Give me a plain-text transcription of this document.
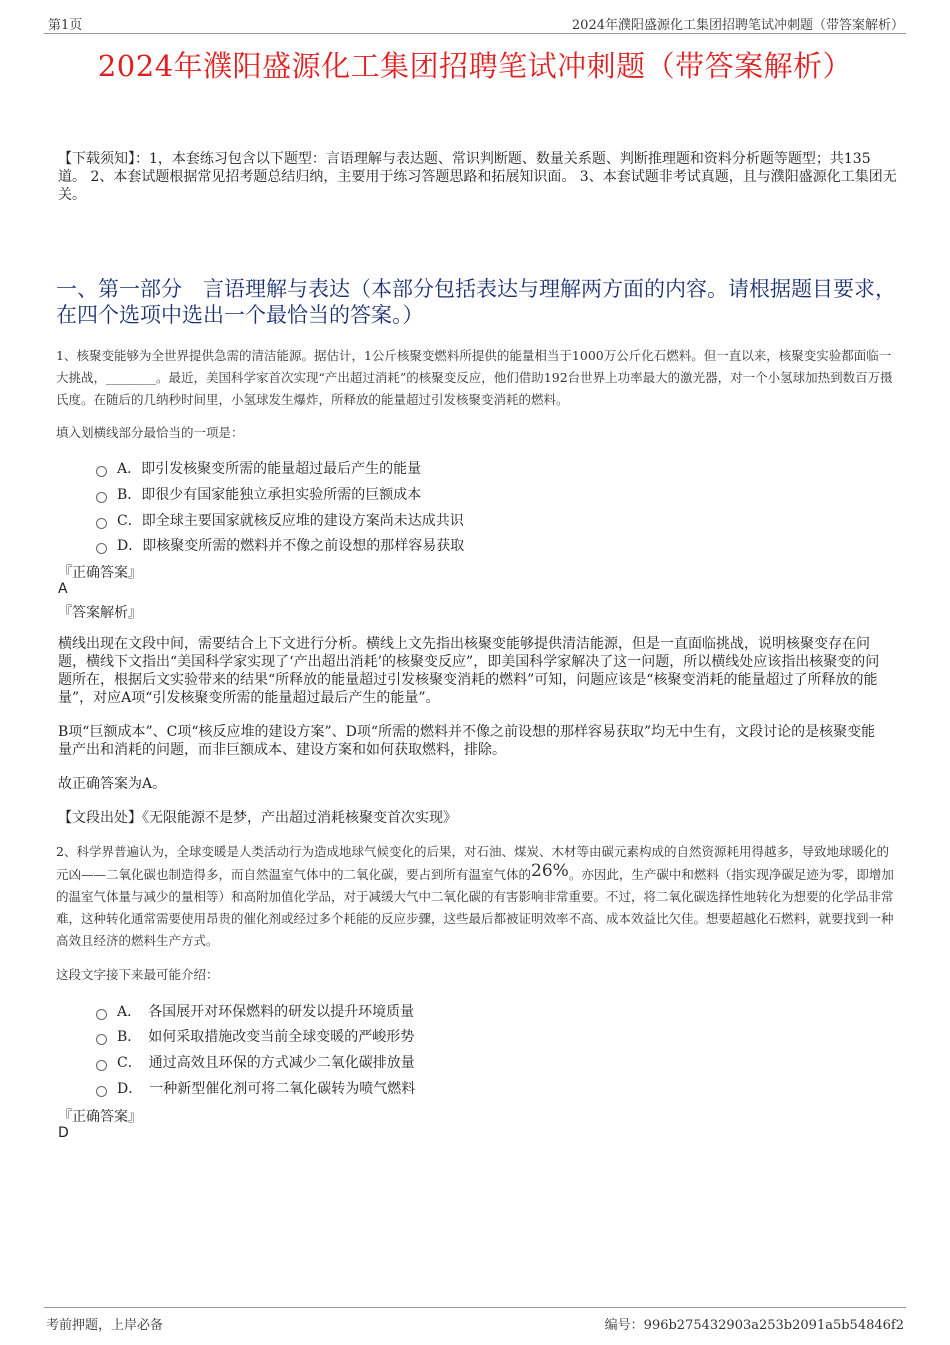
第1页	2024年濮阳盛源化工集团招聘笔试冲刺题（带答案解析）
2024年濮阳盛源化工集团招聘笔试冲刺题（带答案解析）
【下载须知】：1，本套练习包含以下题型：言语理解与表达题、常识判断题、数量关系题、判断推理题和资料分析题等题型；共135道。 2、本套试题根据常见招考题总结归纳，主要用于练习答题思路和拓展知识面。 3、本套试题非考试真题，且与濮阳盛源化工集团无关。
一、第一部分　言语理解与表达（本部分包括表达与理解两方面的内容。请根据题目要求，在四个选项中选出一个最恰当的答案。）
1、核聚变能够为全世界提供急需的清洁能源。据估计，1公斤核聚变燃料所提供的能量相当于1000万公斤化石燃料。但一直以来，核聚变实验都面临一大挑战，________。最近，美国科学家首次实现“产出超过消耗”的核聚变反应，他们借助192台世界上功率最大的激光器，对一个小氢球加热到数百万摄氏度。在随后的几纳秒时间里，小氢球发生爆炸，所释放的能量超过引发核聚变消耗的燃料。
填入划横线部分最恰当的一项是：
A．即引发核聚变所需的能量超过最后产生的能量
B．即很少有国家能独立承担实验所需的巨额成本
C．即全球主要国家就核反应堆的建设方案尚未达成共识
D．即核聚变所需的燃料并不像之前设想的那样容易获取
『正确答案』
A
『答案解析』
横线出现在文段中间，需要结合上下文进行分析。横线上文先指出核聚变能够提供清洁能源，但是一直面临挑战，说明核聚变存在问题，横线下文指出“美国科学家实现了‘产出超出消耗’的核聚变反应”，即美国科学家解决了这一问题，所以横线处应该指出核聚变的问题所在，根据后文实验带来的结果“所释放的能量超过引发核聚变消耗的燃料”可知，问题应该是“核聚变消耗的能量超过了所释放的能量”，对应A项“引发核聚变所需的能量超过最后产生的能量”。
B项“巨额成本”、C项“核反应堆的建设方案”、D项“所需的燃料并不像之前设想的那样容易获取”均无中生有，文段讨论的是核聚变能量产出和消耗的问题，而非巨额成本、建设方案和如何获取燃料，排除。
故正确答案为A。
【文段出处】《无限能源不是梦，产出超过消耗核聚变首次实现》
2、科学界普遍认为，全球变暖是人类活动行为造成地球气候变化的后果，对石油、煤炭、木材等由碳元素构成的自然资源耗用得越多，导致地球暖化的元凶——二氧化碳也制造得多，而自然温室气体中的二氧化碳，要占到所有温室气体的26%。亦因此，生产碳中和燃料（指实现净碳足迹为零，即增加的温室气体量与减少的量相等）和高附加值化学品，对于减缓大气中二氧化碳的有害影响非常重要。不过，将二氧化碳选择性地转化为想要的化学品非常难，这种转化通常需要使用昂贵的催化剂或经过多个耗能的反应步骤，这些最后都被证明效率不高、成本效益比欠佳。想要超越化石燃料，就要找到一种高效且经济的燃料生产方式。
这段文字接下来最可能介绍：
A．　各国展开对环保燃料的研发以提升环境质量
B．　如何采取措施改变当前全球变暖的严峻形势
C．　通过高效且环保的方式减少二氧化碳排放量
D．　一种新型催化剂可将二氧化碳转为喷气燃料
『正确答案』
D
考前押题，上岸必备	编号：996b275432903a253b2091a5b54846f2
